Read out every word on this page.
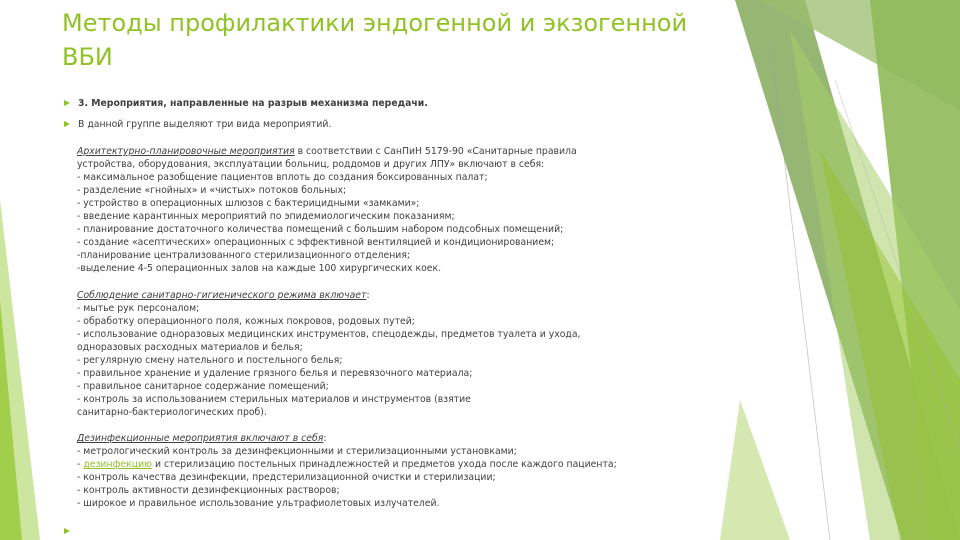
Методы профилактики эндогенной и экзогенной ВБИ
3. Мероприятия, направленные на разрыв механизма передачи.
В данной группе выделяют три вида мероприятий.
Архитектурно-планировочные мероприятия в соответствии с СанПиН 5179-90 «Санитарные правила
устройства, оборудования, эксплуатации больниц, роддомов и других ЛПУ» включают в себя:
- максимальное разобщение пациентов вплоть до создания боксированных палат;
- разделение «гнойных» и «чистых» потоков больных;
- устройство в операционных шлюзов с бактерицидными «замками»;
- введение карантинных мероприятий по эпидемиологическим показаниям;
- планирование достаточного количества помещений с большим набором подсобных помещений;
- создание «асептических» операционных с эффективной вентиляцией и кондиционированием;
-планирование централизованного стерилизационного отделения;
-выделение 4-5 операционных залов на каждые 100 хирургических коек.
Соблюдение санитарно-гигиенического режима включает:
- мытье рук персоналом;
- обработку операционного поля, кожных покровов, родовых путей;
- использование одноразовых медицинских инструментов, спецодежды, предметов туалета и ухода,
одноразовых расходных материалов и белья;
- регулярную смену нательного и постельного белья;
- правильное хранение и удаление грязного белья и перевязочного материала;
- правильное санитарное содержание помещений;
- контроль за использованием стерильных материалов и инструментов (взятие
санитарно-бактериологических проб).
Дезинфекционные мероприятия включают в себя:
- метрологический контроль за дезинфекционными и стерилизационными установками;
- дезинфекцию и стерилизацию постельных принадлежностей и предметов ухода после каждого пациента;
- контроль качества дезинфекции, предстерилизационной очистки и стерилизации;
- контроль активности дезинфекционных растворов;
- широкое и правильное использование ультрафиолетовых излучателей.
